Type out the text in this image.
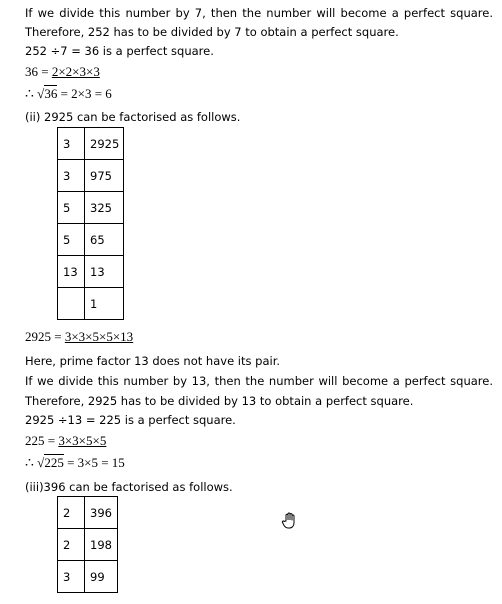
If we divide this number by 7, then the number will become a perfect square.
Therefore, 252 has to be divided by 7 to obtain a perfect square.
252 ÷7 = 36 is a perfect square.
36 = 2×2×3×3
∴ √36 = 2×3 = 6
(ii) 2925 can be factorised as follows.
3	2925
3	975
5	325
5	65
13	13
	1
2925 = 3×3×5×5×13
Here, prime factor 13 does not have its pair.
If we divide this number by 13, then the number will become a perfect square.
Therefore, 2925 has to be divided by 13 to obtain a perfect square.
2925 ÷13 = 225 is a perfect square.
225 = 3×3×5×5
∴ √225 = 3×5 = 15
(iii)396 can be factorised as follows.
2	396
2	198
3	99
